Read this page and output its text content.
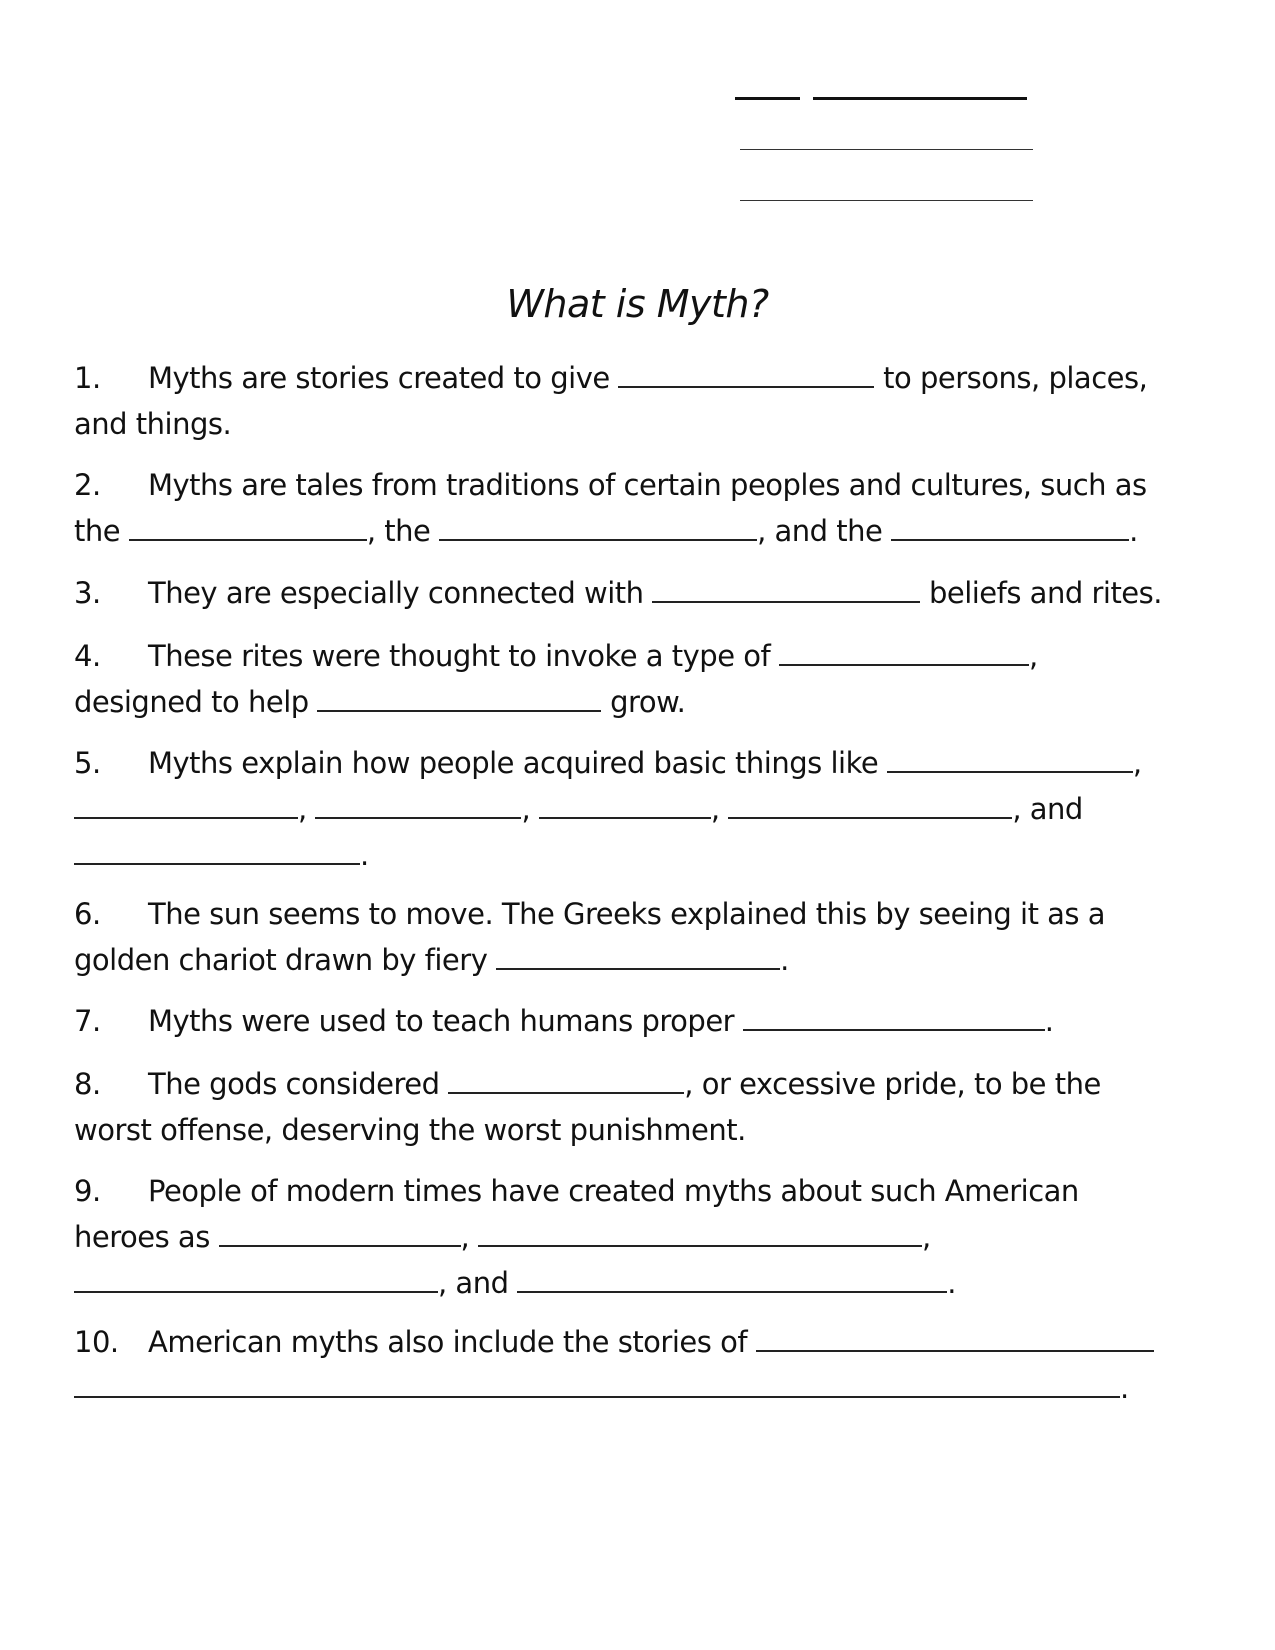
What is Myth?
1. Myths are stories created to give	to persons, places,
and things.
2. Myths are tales from traditions of certain peoples and cultures, such as
the	, the	, and the	.
3. They are especially connected with	beliefs and rites.
4. These rites were thought to invoke a type of	,
designed to help	grow.
5. Myths explain how people acquired basic things like	,
,	,	,	, and
.
6. The sun seems to move. The Greeks explained this by seeing it as a
golden chariot drawn by fiery	.
7. Myths were used to teach humans proper	.
8. The gods considered	, or excessive pride, to be the
worst offense, deserving the worst punishment.
9. People of modern times have created myths about such American
heroes as	,	,
, and	.
10. American myths also include the stories of
.
